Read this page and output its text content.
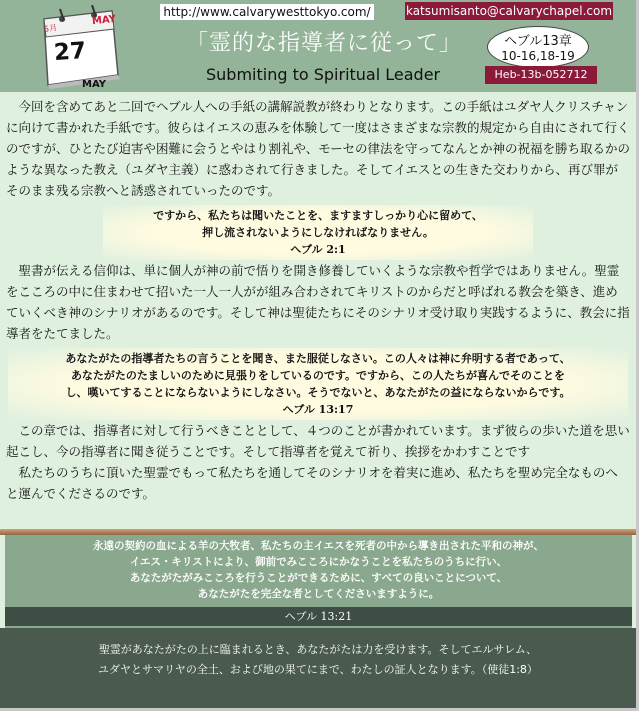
5月
MAY
27
MAY
http://www.calvarywesttokyo.com/	katsumisanto@calvarychapel.com
「霊的な指導者に従って」	ヘブル13章
10-16,18-19
Submiting to Spiritual Leader	Heb-13b-052712

今回を含めてあと二回でヘブル人への手紙の講解説教が終わりとなります。この手紙はユダヤ人クリスチャンに向けて書かれた手紙です。彼らはイエスの恵みを体験して一度はさまざまな宗教的規定から自由にされて行くのですが、ひとたび迫害や困難に会うとやはり割礼や、モーセの律法を守ってなんとか神の祝福を勝ち取るかのような異なった教え（ユダヤ主義）に惑わされて行きました。そしてイエスとの生きた交わりから、再び罪がそのまま残る宗教へと誘惑されていったのです。

ですから、私たちは聞いたことを、ますますしっかり心に留めて、
押し流されないようにしなければなりません。
ヘブル 2:1

聖書が伝える信仰は、単に個人が神の前で悟りを開き修養していくような宗教や哲学ではありません。聖霊をこころの中に住まわせて招いた一人一人がが組み合わされてキリストのからだと呼ばれる教会を築き、進めていくべき神のシナリオがあるのです。そして神は聖徒たちにそのシナリオ受け取り実践するように、教会に指導者をたてました。

あなたがたの指導者たちの言うことを聞き、また服従しなさい。この人々は神に弁明する者であって、
あなたがたのたましいのために見張りをしているのです。ですから、この人たちが喜んでそのことを
し、嘆いてすることにならないようにしなさい。そうでないと、あなたがたの益にならないからです。
ヘブル 13:17

この章では、指導者に対して行うべきこととして、４つのことが書かれています。まず彼らの歩いた道を思い起こし、今の指導者に聞き従うことです。そして指導者を覚えて祈り、挨拶をかわすことです

私たちのうちに頂いた聖霊でもって私たちを通してそのシナリオを着実に進め、私たちを聖め完全なものへと運んでくださるのです。

永遠の契約の血による羊の大牧者、私たちの主イエスを死者の中から導き出された平和の神が、
イエス・キリストにより、御前でみこころにかなうことを私たちのうちに行い、
あなたがたがみこころを行うことができるために、すべての良いことについて、
あなたがたを完全な者としてくださいますように。
ヘブル 13:21
聖霊があなたがたの上に臨まれるとき、あなたがたは力を受けます。そしてエルサレム、
ユダヤとサマリヤの全土、および地の果てにまで、わたしの証人となります。（使徒1:8）
